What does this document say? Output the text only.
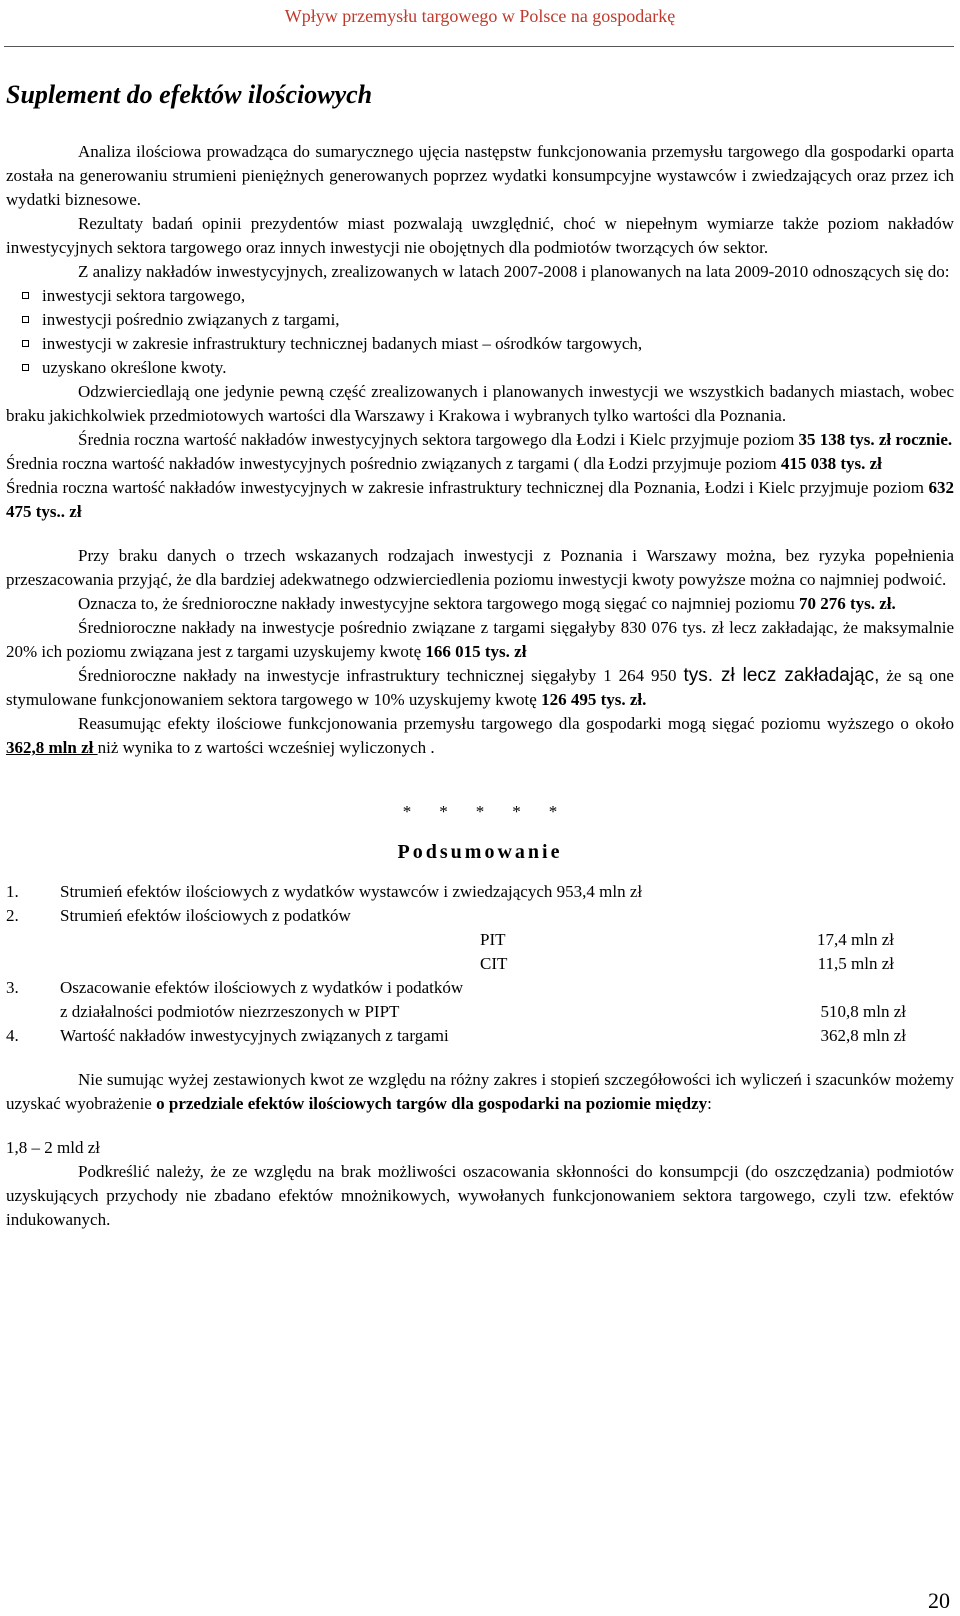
Wpływ przemysłu targowego w Polsce na gospodarkę
Suplement do efektów ilościowych

Analiza ilościowa prowadząca do sumarycznego ujęcia następstw funkcjonowania przemysłu targowego dla gospodarki oparta została na generowaniu strumieni pieniężnych generowanych poprzez wydatki konsumpcyjne wystawców i zwiedzających oraz przez ich wydatki biznesowe.

Rezultaty badań opinii prezydentów miast pozwalają uwzględnić, choć w niepełnym wymiarze także poziom nakładów inwestycyjnych sektora targowego oraz innych inwestycji nie obojętnych dla podmiotów tworzących ów sektor.

Z analizy nakładów inwestycyjnych, zrealizowanych w latach 2007-2008 i planowanych na lata 2009-2010 odnoszących się do:

inwestycji sektora targowego,
inwestycji pośrednio związanych z targami,
inwestycji w zakresie infrastruktury technicznej badanych miast – ośrodków targowych,
uzyskano określone kwoty.

Odzwierciedlają one jedynie pewną część zrealizowanych i planowanych inwestycji we wszystkich badanych miastach, wobec braku jakichkolwiek przedmiotowych wartości dla Warszawy i Krakowa i wybranych tylko wartości dla Poznania.

Średnia roczna wartość nakładów inwestycyjnych sektora targowego dla Łodzi i Kielc przyjmuje poziom 35 138 tys. zł rocznie.

Średnia roczna wartość nakładów inwestycyjnych pośrednio związanych z targami ( dla Łodzi przyjmuje poziom 415 038 tys. zł

Średnia roczna wartość nakładów inwestycyjnych w zakresie infrastruktury technicznej dla Poznania, Łodzi i Kielc przyjmuje poziom 632 475 tys.. zł

Przy braku danych o trzech wskazanych rodzajach inwestycji z Poznania i Warszawy można, bez ryzyka popełnienia przeszacowania przyjąć, że dla bardziej adekwatnego odzwierciedlenia poziomu inwestycji kwoty powyższe można co najmniej podwoić.

Oznacza to, że średnioroczne nakłady inwestycyjne sektora targowego mogą sięgać co najmniej poziomu 70 276 tys. zł.

Średnioroczne nakłady na inwestycje pośrednio związane z targami sięgałyby 830 076 tys. zł lecz zakładając, że maksymalnie 20% ich poziomu związana jest z targami uzyskujemy kwotę 166 015 tys. zł

Średnioroczne nakłady na inwestycje infrastruktury technicznej sięgałyby 1 264 950 tys. zł lecz zakładając, że są one stymulowane funkcjonowaniem sektora targowego w 10% uzyskujemy kwotę 126 495 tys. zł.

Reasumując efekty ilościowe funkcjonowania przemysłu targowego dla gospodarki mogą sięgać poziomu wyższego o około 362,8 mln zł niż wynika to z wartości wcześniej wyliczonych .

*****
Podsumowanie
1. Strumień efektów ilościowych z wydatków wystawców i zwiedzających 953,4 mln zł
2. Strumień efektów ilościowych z podatków
PIT	17,4 mln zł
CIT	11,5 mln zł
3. Oszacowanie efektów ilościowych z wydatków i podatków
z działalności podmiotów niezrzeszonych w PIPT	510,8 mln zł
4. Wartość nakładów inwestycyjnych związanych z targami	362,8 mln zł

Nie sumując wyżej zestawionych kwot ze względu na różny zakres i stopień szczegółowości ich wyliczeń i szacunków możemy uzyskać wyobrażenie o przedziale efektów ilościowych targów dla gospodarki na poziomie między:

1,8 – 2 mld zł

Podkreślić należy, że ze względu na brak możliwości oszacowania skłonności do konsumpcji (do oszczędzania) podmiotów uzyskujących przychody nie zbadano efektów mnożnikowych, wywołanych funkcjonowaniem sektora targowego, czyli tzw. efektów indukowanych.

20
